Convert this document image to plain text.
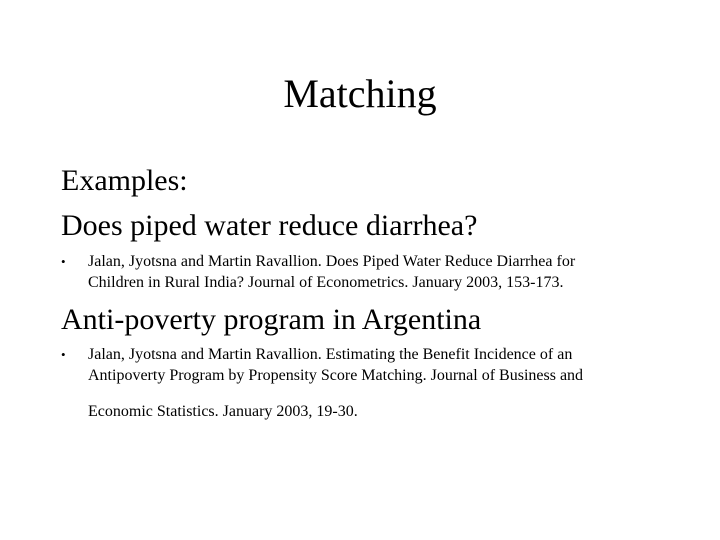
Matching
Examples:
Does piped water reduce diarrhea?
• Jalan, Jyotsna and Martin Ravallion. Does Piped Water Reduce Diarrhea for
Children in Rural India? Journal of Econometrics. January 2003, 153-173.
Anti-poverty program in Argentina
• Jalan, Jyotsna and Martin Ravallion. Estimating the Benefit Incidence of an
Antipoverty Program by Propensity Score Matching. Journal of Business and
Economic Statistics. January 2003, 19-30.
